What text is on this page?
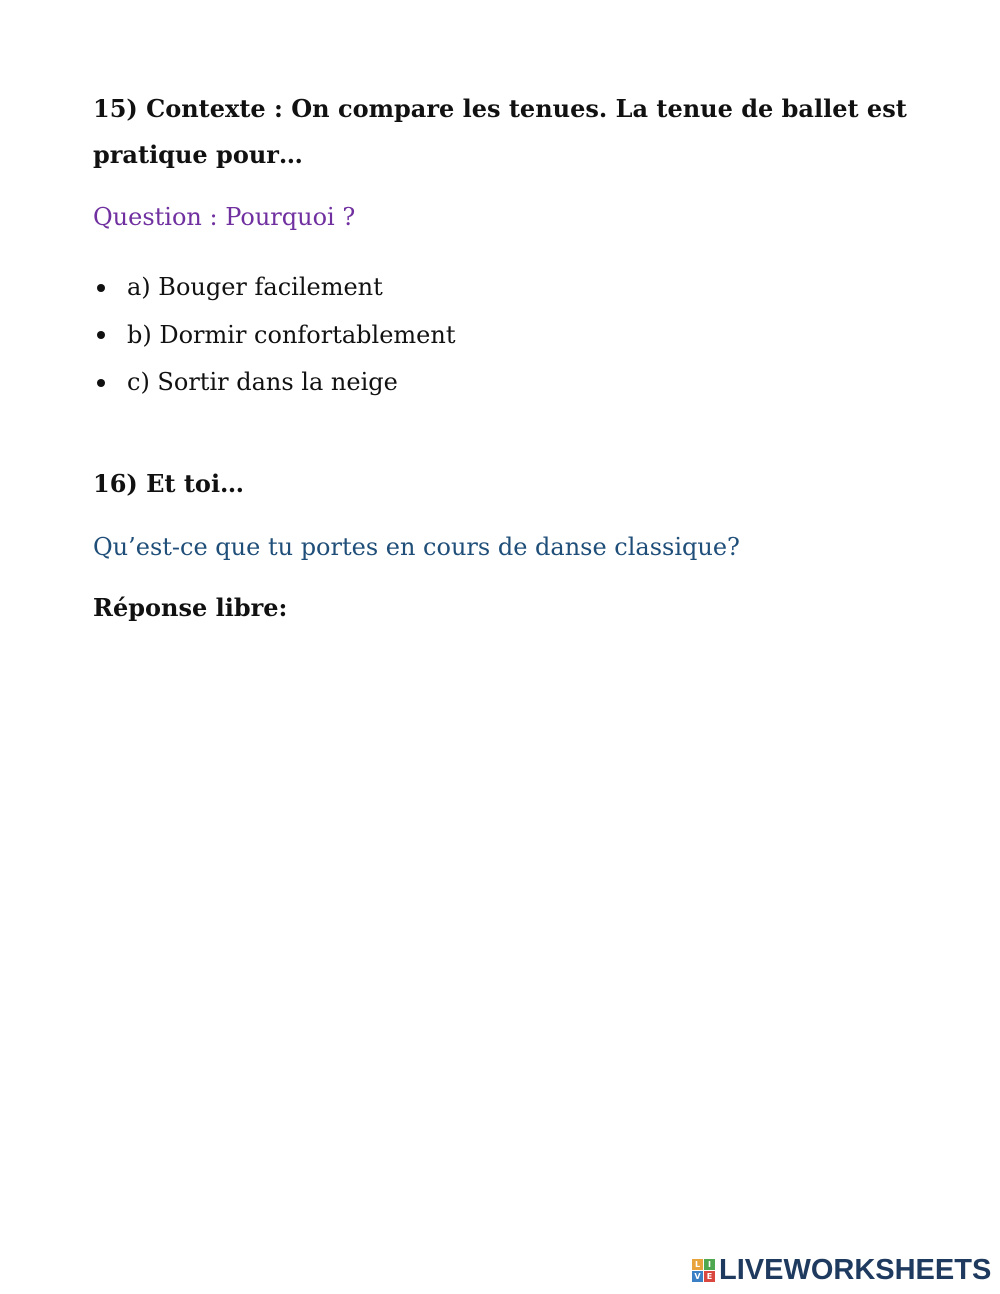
15) Contexte : On compare les tenues. La tenue de ballet est pratique pour…

Question : Pourquoi ?

a) Bouger facilement
b) Dormir confortablement
c) Sortir dans la neige

16) Et toi…

Qu’est-ce que tu portes en cours de danse classique?

Réponse libre:

L I
V E LIVEWORKSHEETS
